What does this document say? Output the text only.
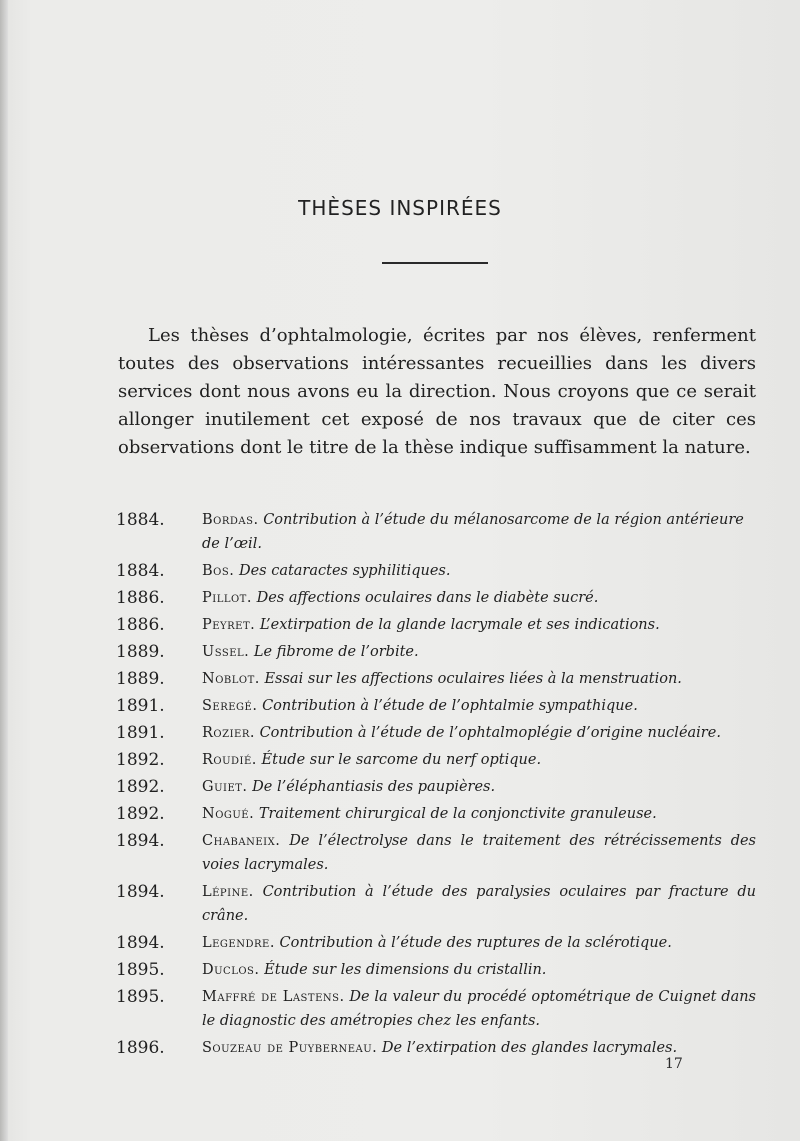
THÈSES INSPIRÉES

Les thèses d’ophtalmologie, écrites par nos élèves, renferment toutes des observations intéressantes recueillies dans les divers services dont nous avons eu la direction. Nous croyons que ce serait allonger inutilement cet exposé de nos travaux que de citer ces observations dont le titre de la thèse indique suffisamment la nature.

1884.	Bordas. Contribution à l’étude du mélanosarcome de la région antérieure de l’œil.
1884.	Bos. Des cataractes syphilitiques.
1886.	Pillot. Des affections oculaires dans le diabète sucré.
1886.	Peyret. L’extirpation de la glande lacrymale et ses indications.
1889.	Ussel. Le fibrome de l’orbite.
1889.	Noblot. Essai sur les affections oculaires liées à la menstruation.
1891.	Seregé. Contribution à l’étude de l’ophtalmie sympathique.
1891.	Rozier. Contribution à l’étude de l’ophtalmoplégie d’origine nucléaire.
1892.	Roudié. Étude sur le sarcome du nerf optique.
1892.	Guiet. De l’éléphantiasis des paupières.
1892.	Nogué. Traitement chirurgical de la conjonctivite granuleuse.
1894.	Chabaneix. De l’électrolyse dans le traitement des rétrécissements des voies lacrymales.
1894.	Lépine. Contribution à l’étude des paralysies oculaires par fracture du crâne.
1894.	Legendre. Contribution à l’étude des ruptures de la sclérotique.
1895.	Duclos. Étude sur les dimensions du cristallin.
1895.	Maffré de Lastens. De la valeur du procédé optométrique de Cuignet dans le diagnostic des amétropies chez les enfants.
1896.	Souzeau de Puyberneau. De l’extirpation des glandes lacrymales.
17
